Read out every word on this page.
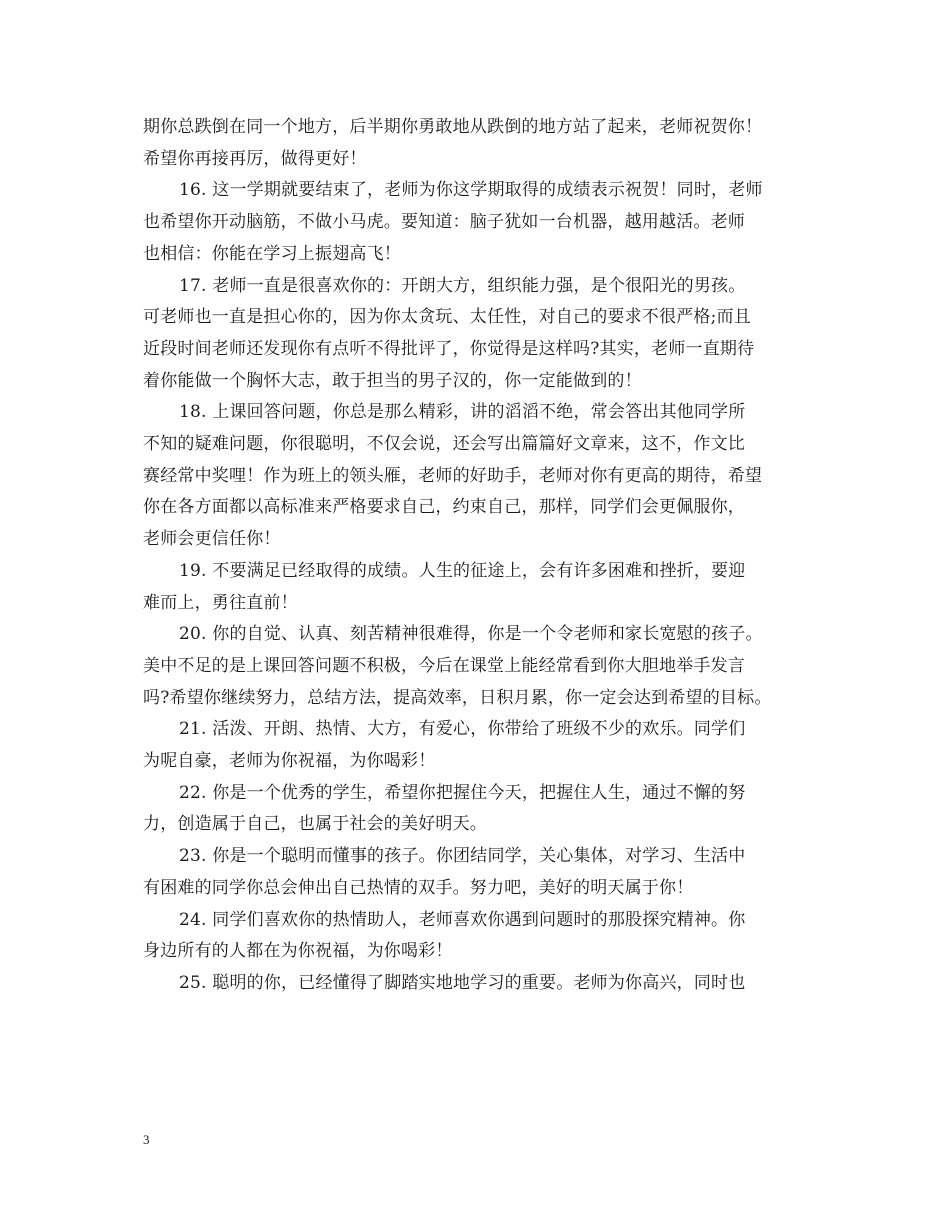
期你总跌倒在同一个地方，后半期你勇敢地从跌倒的地方站了起来，老师祝贺你！
希望你再接再厉，做得更好！
16. 这一学期就要结束了，老师为你这学期取得的成绩表示祝贺！同时，老师
也希望你开动脑筋，不做小马虎。要知道：脑子犹如一台机器，越用越活。老师
也相信：你能在学习上振翅高飞！
17. 老师一直是很喜欢你的：开朗大方，组织能力强，是个很阳光的男孩。
可老师也一直是担心你的，因为你太贪玩、太任性，对自己的要求不很严格;而且
近段时间老师还发现你有点听不得批评了，你觉得是这样吗?其实，老师一直期待
着你能做一个胸怀大志，敢于担当的男子汉的，你一定能做到的！
18. 上课回答问题，你总是那么精彩，讲的滔滔不绝，常会答出其他同学所
不知的疑难问题，你很聪明，不仅会说，还会写出篇篇好文章来，这不，作文比
赛经常中奖哩！作为班上的领头雁，老师的好助手，老师对你有更高的期待，希望
你在各方面都以高标准来严格要求自己，约束自己，那样，同学们会更佩服你，
老师会更信任你！
19. 不要满足已经取得的成绩。人生的征途上，会有许多困难和挫折，要迎
难而上，勇往直前！
20. 你的自觉、认真、刻苦精神很难得，你是一个令老师和家长宽慰的孩子。
美中不足的是上课回答问题不积极，今后在课堂上能经常看到你大胆地举手发言
吗?希望你继续努力，总结方法，提高效率，日积月累，你一定会达到希望的目标。
21. 活泼、开朗、热情、大方，有爱心，你带给了班级不少的欢乐。同学们
为呢自豪，老师为你祝福，为你喝彩！
22. 你是一个优秀的学生，希望你把握住今天，把握住人生，通过不懈的努
力，创造属于自己，也属于社会的美好明天。
23. 你是一个聪明而懂事的孩子。你团结同学，关心集体，对学习、生活中
有困难的同学你总会伸出自己热情的双手。努力吧，美好的明天属于你！
24. 同学们喜欢你的热情助人，老师喜欢你遇到问题时的那股探究精神。你
身边所有的人都在为你祝福，为你喝彩！
25. 聪明的你，已经懂得了脚踏实地地学习的重要。老师为你高兴，同时也
3
